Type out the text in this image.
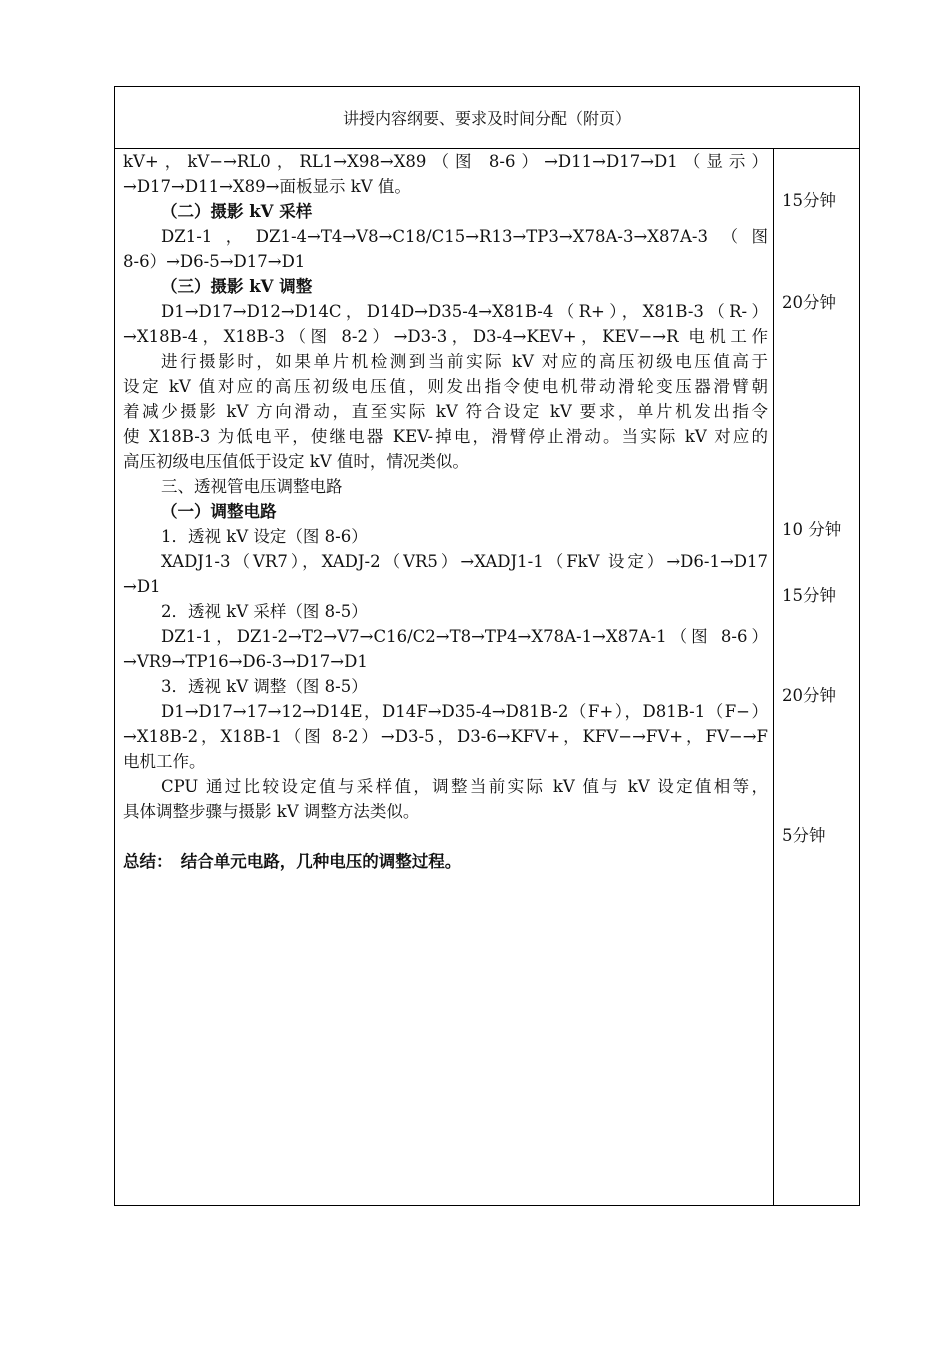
讲授内容纲要、要求及时间分配（附页）
kV+，kV−→RL0，RL1→X98→X89（图 8-6）→D11→D17→D1（显示）
→D17→D11→X89→面板显示 kV 值。
（二）摄影 kV 采样
DZ1-1，DZ1-4→T4→V8→C18/C15→R13→TP3→X78A-3→X87A-3（图
8-6）→D6-5→D17→D1
（三）摄影 kV 调整
D1→D17→D12→D14C，D14D→D35-4→X81B-4（R+），X81B-3（R-）
→X18B-4，X18B-3（图 8-2）→D3-3，D3-4→KEV+，KEV−→R 电机工作
进行摄影时，如果单片机检测到当前实际 kV 对应的高压初级电压值高于
设定 kV 值对应的高压初级电压值，则发出指令使电机带动滑轮变压器滑臂朝
着减少摄影 kV 方向滑动，直至实际 kV 符合设定 kV 要求，单片机发出指令
使 X18B-3 为低电平，使继电器 KEV-掉电，滑臂停止滑动。当实际 kV 对应的
高压初级电压值低于设定 kV 值时，情况类似。
三、透视管电压调整电路
（一）调整电路
1．透视 kV 设定（图 8-6）
XADJ1-3（VR7），XADJ-2（VR5）→XADJ1-1（FkV 设定）→D6-1→D17
→D1
2．透视 kV 采样（图 8-5）
DZ1-1，DZ1-2→T2→V7→C16/C2→T8→TP4→X78A-1→X87A-1（图 8-6）
→VR9→TP16→D6-3→D17→D1
3．透视 kV 调整（图 8-5）
D1→D17→17→12→D14E，D14F→D35-4→D81B-2（F+），D81B-1（F−）
→X18B-2，X18B-1（图 8-2）→D3-5，D3-6→KFV+，KFV−→FV+，FV−→F
电机工作。
CPU 通过比较设定值与采样值，调整当前实际 kV 值与 kV 设定值相等，
具体调整步骤与摄影 kV 调整方法类似。
总结：　结合单元电路，几种电压的调整过程。
15分钟
20分钟
10 分钟
15分钟
20分钟
5分钟
